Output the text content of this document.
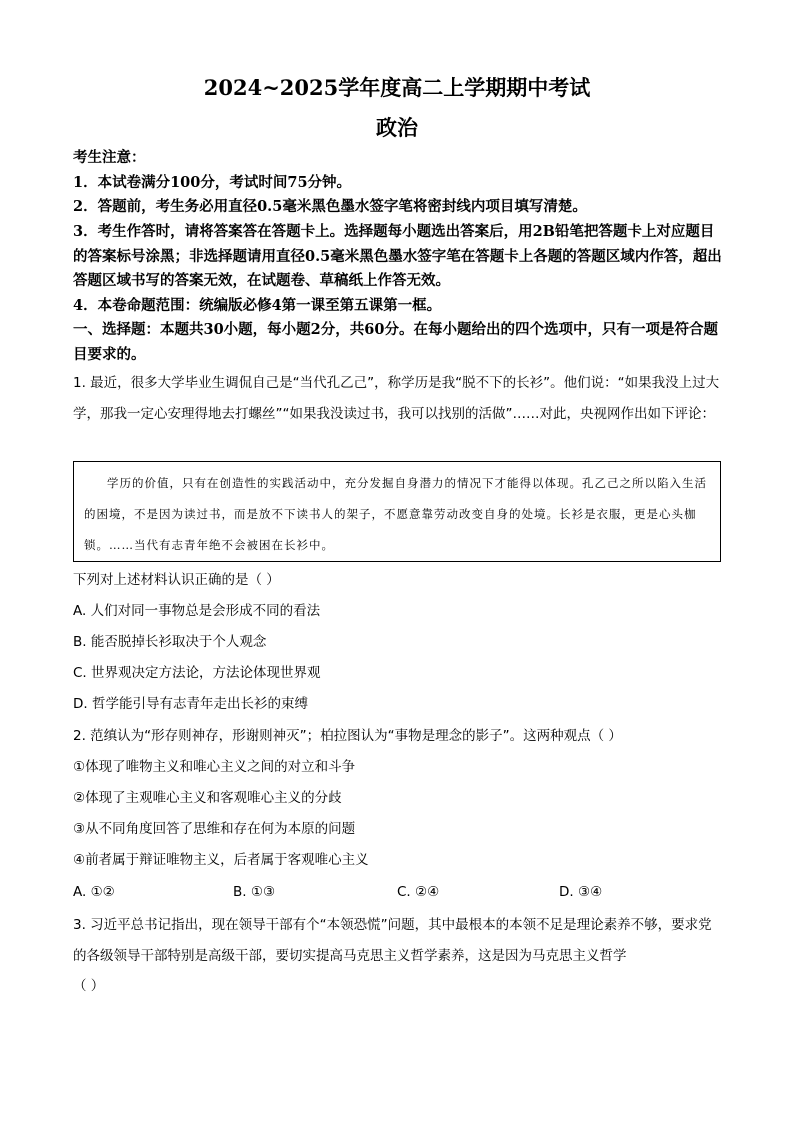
2024~2025学年度高二上学期期中考试
政治
考生注意：
1．本试卷满分100分，考试时间75分钟。
2．答题前，考生务必用直径0.5毫米黑色墨水签字笔将密封线内项目填写清楚。
3．考生作答时，请将答案答在答题卡上。选择题每小题选出答案后，用2B铅笔把答题卡上对应题目的答案标号涂黑；非选择题请用直径0.5毫米黑色墨水签字笔在答题卡上各题的答题区域内作答，超出答题区域书写的答案无效，在试题卷、草稿纸上作答无效。
4．本卷命题范围：统编版必修4第一课至第五课第一框。
一、选择题：本题共30小题，每小题2分，共60分。在每小题给出的四个选项中，只有一项是符合题目要求的。
1. 最近，很多大学毕业生调侃自己是“当代孔乙己”，称学历是我“脱不下的长衫”。他们说：“如果我没上过大学，那我一定心安理得地去打螺丝”“如果我没读过书，我可以找别的活做”……对此，央视网作出如下评论：

学历的价值，只有在创造性的实践活动中，充分发掘自身潜力的情况下才能得以体现。孔乙己之所以陷入生活的困境，不是因为读过书，而是放不下读书人的架子，不愿意靠劳动改变自身的处境。长衫是衣服，更是心头枷锁。……当代有志青年绝不会被困在长衫中。

下列对上述材料认识正确的是（ ）
A. 人们对同一事物总是会形成不同的看法
B. 能否脱掉长衫取决于个人观念
C. 世界观决定方法论，方法论体现世界观
D. 哲学能引导有志青年走出长衫的束缚
2. 范缜认为“形存则神存，形谢则神灭”；柏拉图认为“事物是理念的影子”。这两种观点（ ）
①体现了唯物主义和唯心主义之间的对立和斗争
②体现了主观唯心主义和客观唯心主义的分歧
③从不同角度回答了思维和存在何为本原的问题
④前者属于辩证唯物主义，后者属于客观唯心主义
A. ①②	B. ①③	C. ②④	D. ③④
3. 习近平总书记指出，现在领导干部有个“本领恐慌”问题，其中最根本的本领不足是理论素养不够，要求党的各级领导干部特别是高级干部，要切实提高马克思主义哲学素养，这是因为马克思主义哲学
（ ）
